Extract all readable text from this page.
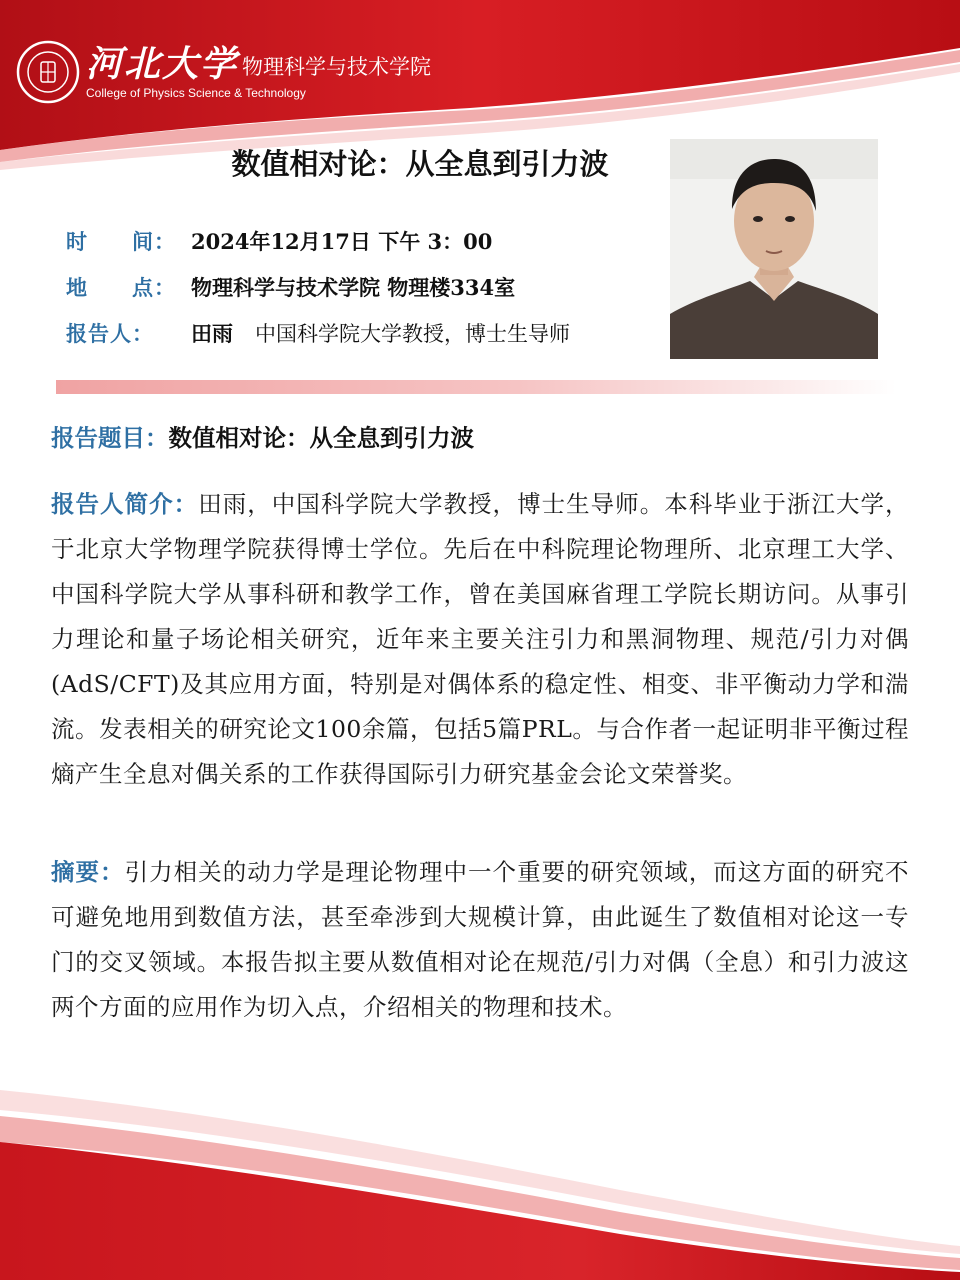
河北大学 物理科学与技术学院
College of Physics Science & Technology
数值相对论：从全息到引力波
时　　间： 2024年12月17日 下午 3：00
地　　点： 物理科学与技术学院 物理楼334室
报告人：	田雨 中国科学院大学教授，博士生导师
报告题目：数值相对论：从全息到引力波
报告人简介：田雨，中国科学院大学教授，博士生导师。本科毕业于浙江大学，于北京大学物理学院获得博士学位。先后在中科院理论物理所、北京理工大学、中国科学院大学从事科研和教学工作，曾在美国麻省理工学院长期访问。从事引力理论和量子场论相关研究，近年来主要关注引力和黑洞物理、规范/引力对偶(AdS/CFT)及其应用方面，特别是对偶体系的稳定性、相变、非平衡动力学和湍流。发表相关的研究论文100余篇，包括5篇PRL。与合作者一起证明非平衡过程熵产生全息对偶关系的工作获得国际引力研究基金会论文荣誉奖。
摘要：引力相关的动力学是理论物理中一个重要的研究领域，而这方面的研究不可避免地用到数值方法，甚至牵涉到大规模计算，由此诞生了数值相对论这一专门的交叉领域。本报告拟主要从数值相对论在规范/引力对偶（全息）和引力波这两个方面的应用作为切入点，介绍相关的物理和技术。
